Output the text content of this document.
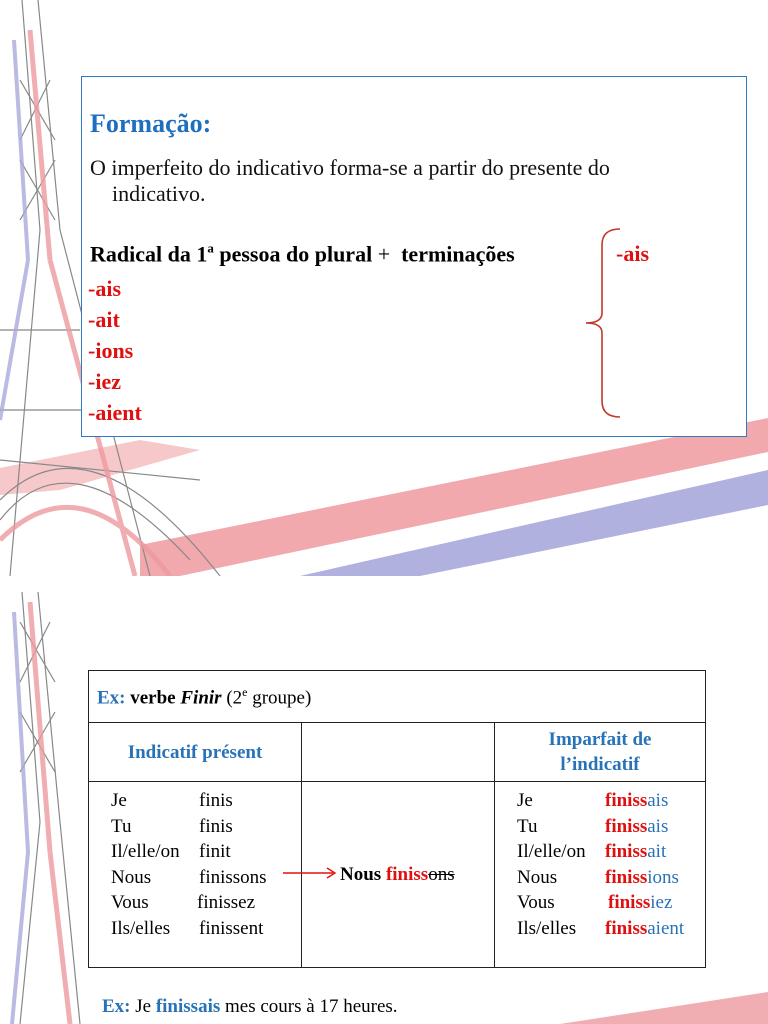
Formação:
O imperfeito do indicativo forma-se a partir do presente do
indicativo.
Radical da 1$^a$ pessoa do plural +  terminações	-ais
-ais
-ait
-ions
-iez
-aient
Ex: verbe Finir (2e groupe)
Indicatif présent
Imparfait de
l’indicatif
Je	finis
Tu	finis
Il/elle/on finit
Nous	finissons
Vous	finissez
Ils/elles finissent
Nous finissons
Je	finissais
Tu	finissais
Il/elle/on finissait
Nous	finissions
Vous	finissiez
Ils/elles finissaient
Ex: Je finissais mes cours à 17 heures.
